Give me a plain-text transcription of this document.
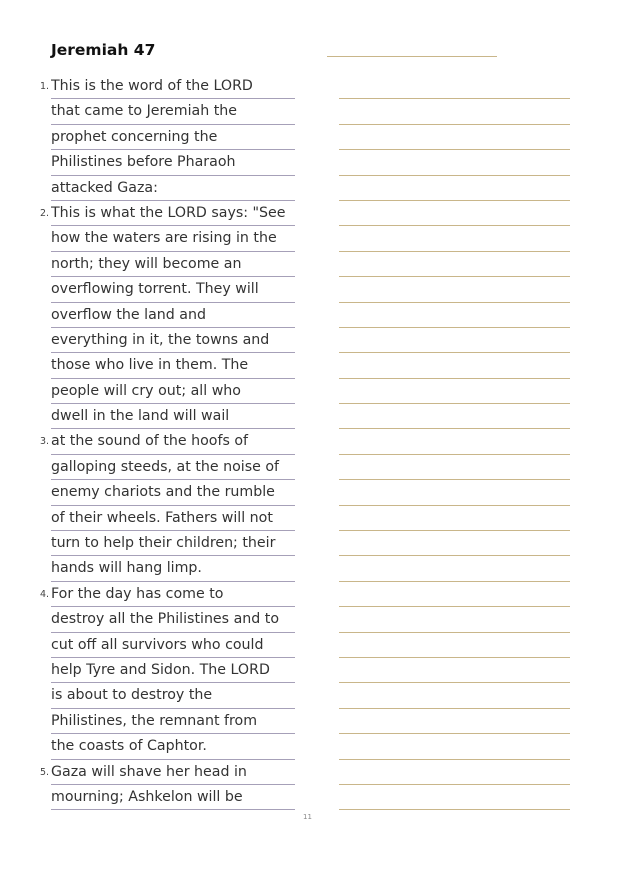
Jeremiah 47
1. This is the word of the LORD
that came to Jeremiah the
prophet concerning the
Philistines before Pharaoh
attacked Gaza:
2. This is what the LORD says: "See
how the waters are rising in the
north; they will become an
overflowing torrent. They will
overflow the land and
everything in it, the towns and
those who live in them. The
people will cry out; all who
dwell in the land will wail
3. at the sound of the hoofs of
galloping steeds, at the noise of
enemy chariots and the rumble
of their wheels. Fathers will not
turn to help their children; their
hands will hang limp.
4. For the day has come to
destroy all the Philistines and to
cut off all survivors who could
help Tyre and Sidon. The LORD
is about to destroy the
Philistines, the remnant from
the coasts of Caphtor.
5. Gaza will shave her head in
mourning; Ashkelon will be
11
